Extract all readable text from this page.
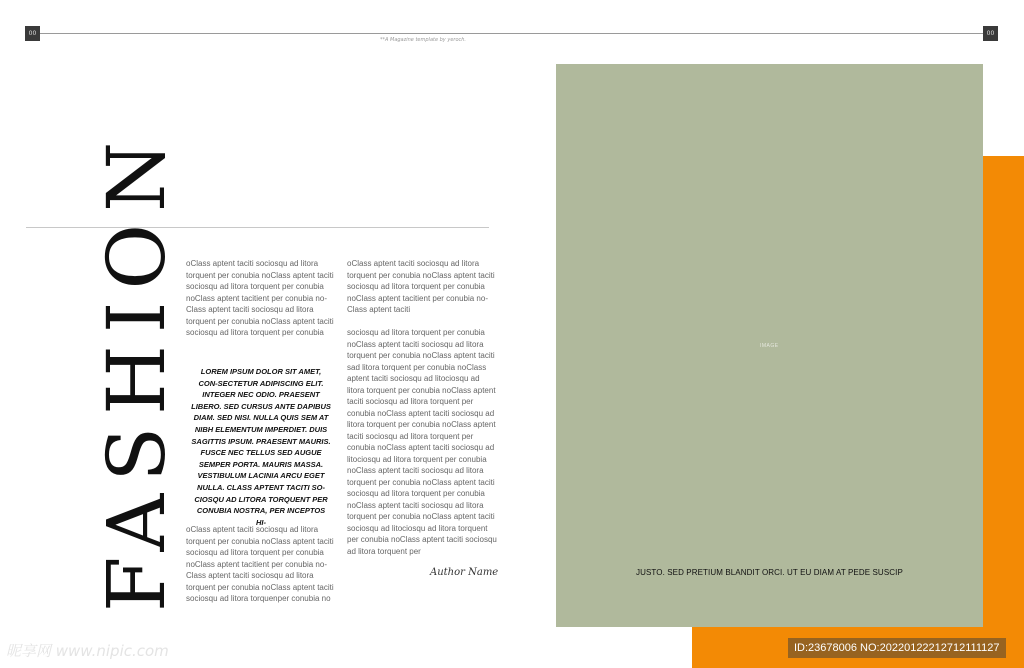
00	00
**A Magazine template by yeroch.
FASHION oClass aptent taciti sociosqu ad litora torquent per conubia noClass aptent taciti sociosqu ad litora torquent per conubia noClass aptent tacitient per conubia no-Class aptent taciti sociosqu ad litora torquent per conubia noClass aptent taciti sociosqu ad litora torquent per conubia
LOREM IPSUM DOLOR SIT AMET, CON-SECTETUR ADIPISCING ELIT. INTEGER NEC ODIO. PRAESENT LIBERO. SED CURSUS ANTE DAPIBUS DIAM. SED NISI. NULLA QUIS SEM AT NIBH ELEMENTUM IMPERDIET. DUIS SAGITTIS IPSUM. PRAESENT MAURIS. FUSCE NEC TELLUS SED AUGUE SEMPER PORTA. MAURIS MASSA. VESTIBULUM LACINIA ARCU EGET NULLA. CLASS APTENT TACITI SO-CIOSQU AD LITORA TORQUENT PER CONUBIA NOSTRA, PER INCEPTOS HI-
oClass aptent taciti sociosqu ad litora torquent per conubia noClass aptent taciti sociosqu ad litora torquent per conubia noClass aptent tacitient per conubia no-Class aptent taciti sociosqu ad litora torquent per conubia noClass aptent taciti sociosqu ad litora torquenper conubia no
oClass aptent taciti sociosqu ad litora torquent per conubia noClass aptent taciti sociosqu ad litora torquent per conubia noClass aptent tacitient per conubia no-Class aptent taciti
sociosqu ad litora torquent per conubia noClass aptent taciti sociosqu ad litora torquent per conubia noClass aptent taciti sad litora torquent per conubia noClass aptent taciti sociosqu ad litociosqu ad litora torquent per conubia noClass aptent taciti sociosqu ad litora torquent per conubia noClass aptent taciti sociosqu ad litora torquent per conubia noClass aptent taciti sociosqu ad litora torquent per conubia noClass aptent taciti sociosqu ad litociosqu ad litora torquent per conubia noClass aptent taciti sociosqu ad litora torquent per conubia noClass aptent taciti sociosqu ad litora torquent per conubia noClass aptent taciti sociosqu ad litora torquent per conubia noClass aptent taciti sociosqu ad litociosqu ad litora torquent per conubia noClass aptent taciti sociosqu ad litora torquent per
Author Name
IMAGE
JUSTO. SED PRETIUM BLANDIT ORCI. UT EU DIAM AT PEDE SUSCIP
昵享网 www.nipic.com	ID:23678006 NO:20220122212712111127
